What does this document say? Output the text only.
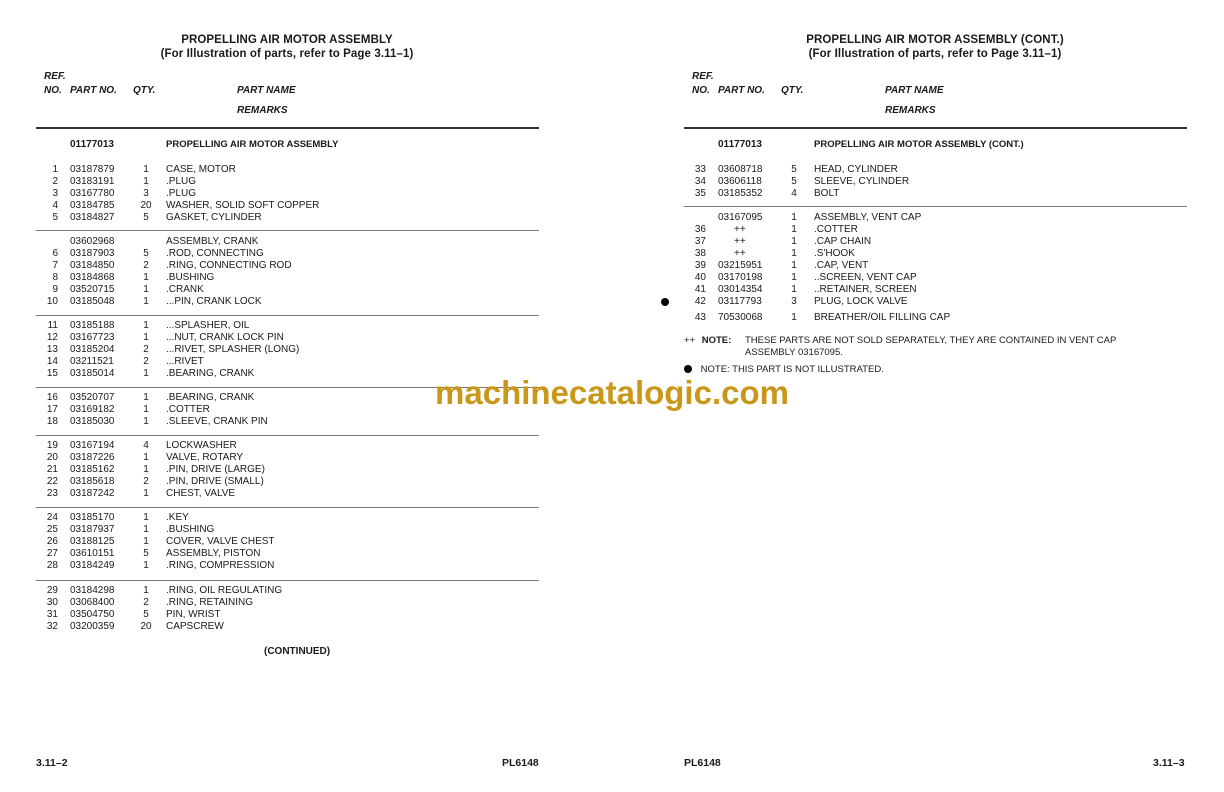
PROPELLING AIR MOTOR ASSEMBLY
(For Illustration of parts, refer to Page 3.11–1)
REF.
NO. PART NO. QTY.	PART NAME
REMARKS
01177013	PROPELLING AIR MOTOR ASSEMBLY
1 03187879	1	CASE, MOTOR
2 03183191	1	.PLUG
3 03167780	3	.PLUG
4 03184785	20	WASHER, SOLID SOFT COPPER
5 03184827	5	GASKET, CYLINDER
03602968	ASSEMBLY, CRANK
6 03187903	5	.ROD, CONNECTING
7 03184850	2	.RING, CONNECTING ROD
8 03184868	1	.BUSHING
9 03520715	1	.CRANK
10 03185048	1	...PIN, CRANK LOCK
11 03185188	1	...SPLASHER, OIL
12 03167723	1	...NUT, CRANK LOCK PIN
13 03185204	2	...RIVET, SPLASHER (LONG)
14 03211521	2	...RIVET
15 03185014	1	.BEARING, CRANK
16 03520707	1	.BEARING, CRANK
17 03169182	1	.COTTER
18 03185030	1	.SLEEVE, CRANK PIN
19 03167194	4	LOCKWASHER
20 03187226	1	VALVE, ROTARY
21 03185162	1	.PIN, DRIVE (LARGE)
22 03185618	2	.PIN, DRIVE (SMALL)
23 03187242	1	CHEST, VALVE
24 03185170	1	.KEY
25 03187937	1	.BUSHING
26 03188125	1	COVER, VALVE CHEST
27 03610151	5	ASSEMBLY, PISTON
28 03184249	1	.RING, COMPRESSION
29 03184298	1	.RING, OIL REGULATING
30 03068400	2	.RING, RETAINING
31 03504750	5	PIN, WRIST
32 03200359	20	CAPSCREW
(CONTINUED)
3.11–2	PL6148
PROPELLING AIR MOTOR ASSEMBLY (CONT.)
(For Illustration of parts, refer to Page 3.11–1)
REF.
NO. PART NO. QTY.	PART NAME
REMARKS
01177013	PROPELLING AIR MOTOR ASSEMBLY (CONT.)
33 03608718	5	HEAD, CYLINDER
34 03606118	5	SLEEVE, CYLINDER
35 03185352	4	BOLT
03167095	1	ASSEMBLY, VENT CAP
36	++	1	.COTTER
37	++	1	.CAP CHAIN
38	++	1	.S'HOOK
39 03215951	1	.CAP, VENT
40 03170198	1	..SCREEN, VENT CAP
41 03014354	1	..RETAINER, SCREEN
42 03117793	3	PLUG, LOCK VALVE
43 70530068	1	BREATHER/OIL FILLING CAP
++ NOTE: THESE PARTS ARE NOT SOLD SEPARATELY, THEY ARE CONTAINED IN VENT CAP
ASSEMBLY 03167095.
NOTE: THIS PART IS NOT ILLUSTRATED.
PL6148	3.11–3
machinecatalogic.com
